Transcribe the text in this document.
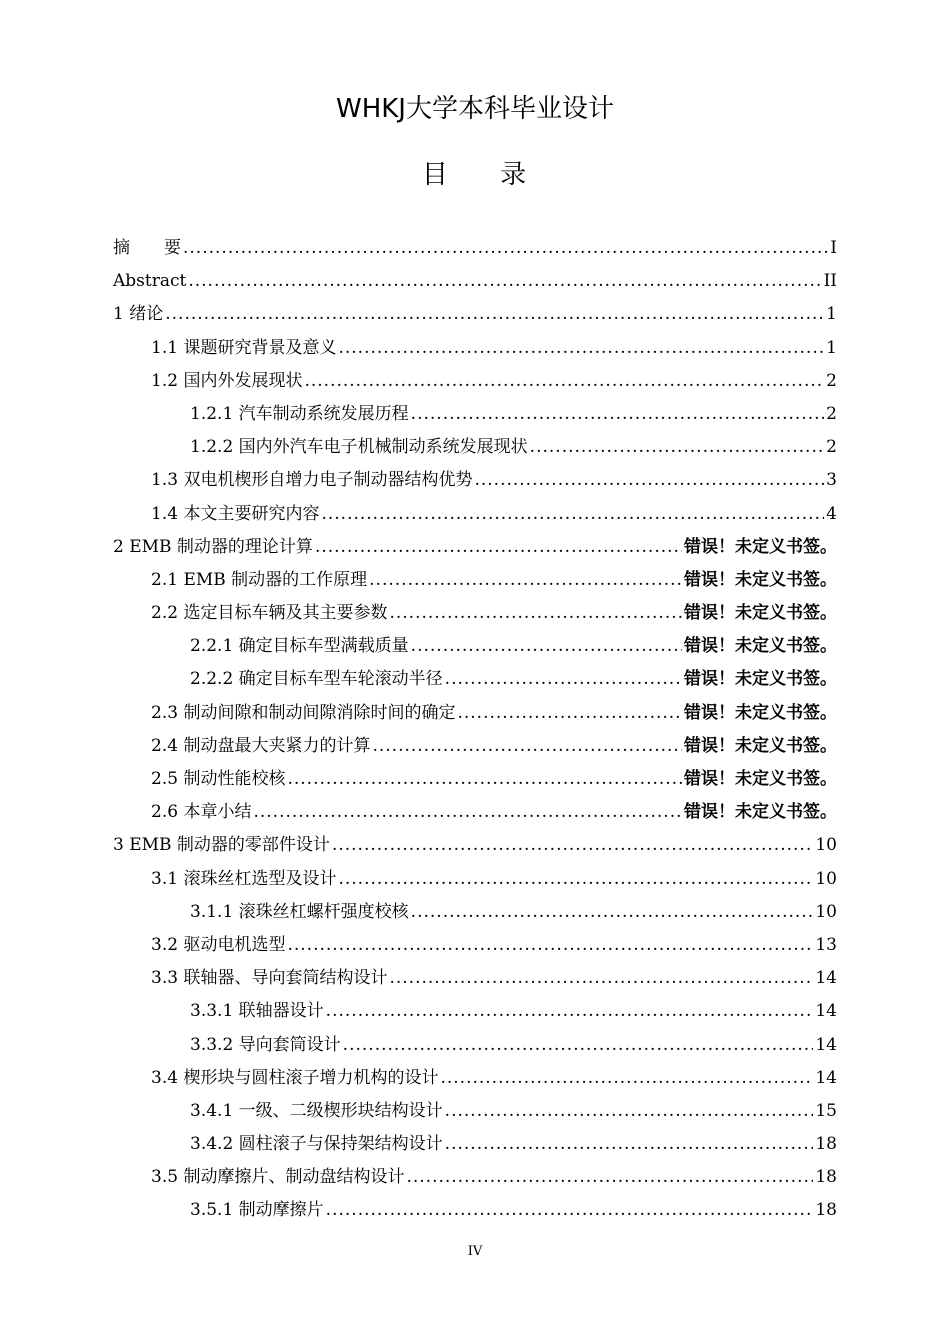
WHKJ大学本科毕业设计
目 录
摘　　要 .....	I
Abstract .....	II
1 绪论 .....	1
1.1 课题研究背景及意义 .....	1
1.2 国内外发展现状 .....	2
1.2.1 汽车制动系统发展历程 .....	2
1.2.2 国内外汽车电子机械制动系统发展现状 .....	2
1.3 双电机楔形自增力电子制动器结构优势 .....	3
1.4 本文主要研究内容 .....	4
2 EMB 制动器的理论计算 .....	错误！未定义书签。
2.1 EMB 制动器的工作原理 .....	错误！未定义书签。
2.2 选定目标车辆及其主要参数 .....	错误！未定义书签。
2.2.1 确定目标车型满载质量 .....	错误！未定义书签。
2.2.2 确定目标车型车轮滚动半径 .....	错误！未定义书签。
2.3 制动间隙和制动间隙消除时间的确定 .....	错误！未定义书签。
2.4 制动盘最大夹紧力的计算 .....	错误！未定义书签。
2.5 制动性能校核 .....	错误！未定义书签。
2.6 本章小结 .....	错误！未定义书签。
3 EMB 制动器的零部件设计 .....	10
3.1 滚珠丝杠选型及设计 .....	10
3.1.1 滚珠丝杠螺杆强度校核 .....	10
3.2 驱动电机选型 .....	13
3.3 联轴器、导向套筒结构设计 .....	14
3.3.1 联轴器设计 .....	14
3.3.2 导向套筒设计 .....	14
3.4 楔形块与圆柱滚子增力机构的设计 .....	14
3.4.1 一级、二级楔形块结构设计 .....	15
3.4.2 圆柱滚子与保持架结构设计 .....	18
3.5 制动摩擦片、制动盘结构设计 .....	18
3.5.1 制动摩擦片 .....	18
IV
